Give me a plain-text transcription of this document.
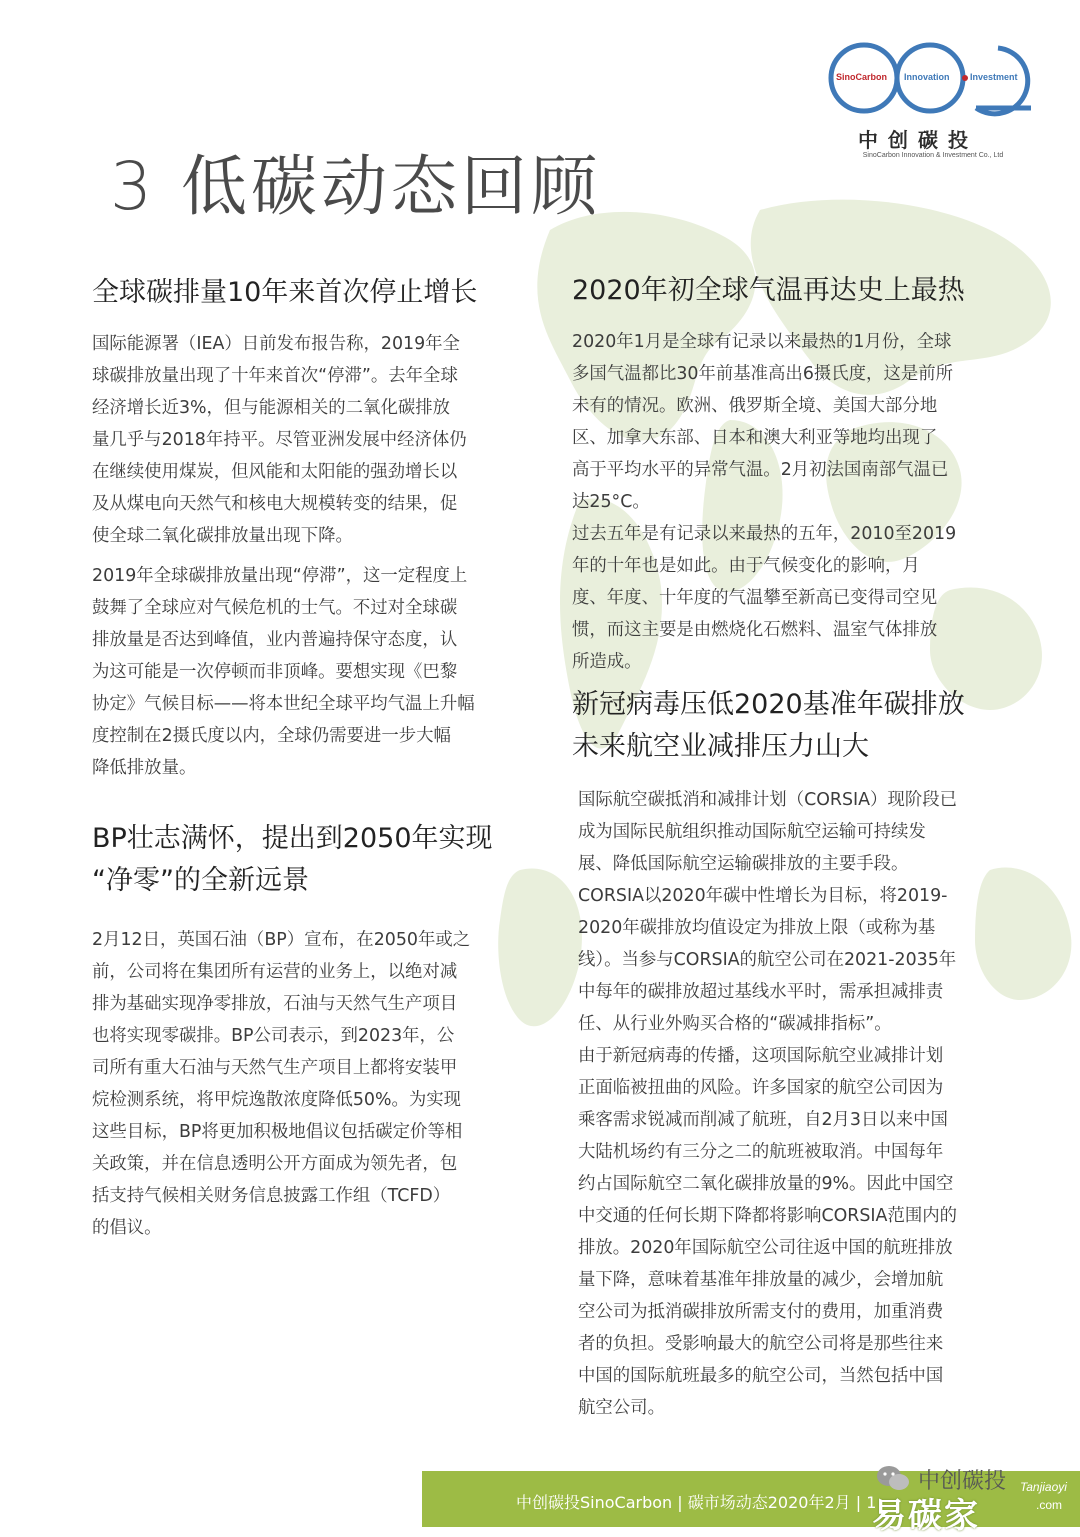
SinoCarbon Innovation Investment
中创碳投
SinoCarbon Innovation & Investment Co., Ltd
3 低碳动态回顾
全球碳排量10年来首次停止增长

国际能源署（IEA）日前发布报告称，2019年全
球碳排放量出现了十年来首次“停滞”。去年全球
经济增长近3%，但与能源相关的二氧化碳排放
量几乎与2018年持平。尽管亚洲发展中经济体仍
在继续使用煤炭，但风能和太阳能的强劲增长以
及从煤电向天然气和核电大规模转变的结果，促
使全球二氧化碳排放量出现下降。

2019年全球碳排放量出现“停滞”，这一定程度上
鼓舞了全球应对气候危机的士气。不过对全球碳
排放量是否达到峰值，业内普遍持保守态度，认
为这可能是一次停顿而非顶峰。要想实现《巴黎
协定》气候目标——将本世纪全球平均气温上升幅
度控制在2摄氏度以内，全球仍需要进一步大幅
降低排放量。

BP壮志满怀，提出到2050年实现
“净零”的全新远景

2月12日，英国石油（BP）宣布，在2050年或之
前，公司将在集团所有运营的业务上，以绝对减
排为基础实现净零排放，石油与天然气生产项目
也将实现零碳排。BP公司表示，到2023年，公
司所有重大石油与天然气生产项目上都将安装甲
烷检测系统，将甲烷逸散浓度降低50%。为实现
这些目标，BP将更加积极地倡议包括碳定价等相
关政策，并在信息透明公开方面成为领先者，包
括支持气候相关财务信息披露工作组（TCFD）
的倡议。

2020年初全球气温再达史上最热

2020年1月是全球有记录以来最热的1月份，全球
多国气温都比30年前基准高出6摄氏度，这是前所
未有的情况。欧洲、俄罗斯全境、美国大部分地
区、加拿大东部、日本和澳大利亚等地均出现了
高于平均水平的异常气温。2月初法国南部气温已
达25°C。

过去五年是有记录以来最热的五年，2010至2019
年的十年也是如此。由于气候变化的影响，月
度、年度、十年度的气温攀至新高已变得司空见
惯，而这主要是由燃烧化石燃料、温室气体排放
所造成。

新冠病毒压低2020基准年碳排放
未来航空业减排压力山大

国际航空碳抵消和减排计划（CORSIA）现阶段已
成为国际民航组织推动国际航空运输可持续发
展、降低国际航空运输碳排放的主要手段。
CORSIA以2020年碳中性增长为目标，将2019-
2020年碳排放均值设定为排放上限（或称为基
线）。当参与CORSIA的航空公司在2021-2035年
中每年的碳排放超过基线水平时，需承担减排责
任、从行业外购买合格的“碳减排指标”。

由于新冠病毒的传播，这项国际航空业减排计划
正面临被扭曲的风险。许多国家的航空公司因为
乘客需求锐减而削减了航班，自2月3日以来中国
大陆机场约有三分之二的航班被取消。中国每年
约占国际航空二氧化碳排放量的9%。因此中国空
中交通的任何长期下降都将影响CORSIA范围内的
排放。2020年国际航空公司往返中国的航班排放
量下降，意味着基准年排放量的减少，会增加航
空公司为抵消碳排放所需支付的费用，加重消费
者的负担。受影响最大的航空公司将是那些往来
中国的国际航班最多的航空公司，当然包括中国
航空公司。

中创碳投SinoCarbon | 碳市场动态2020年2月 | 1
中创碳投
易碳家
Tanjiaoyi
.com
